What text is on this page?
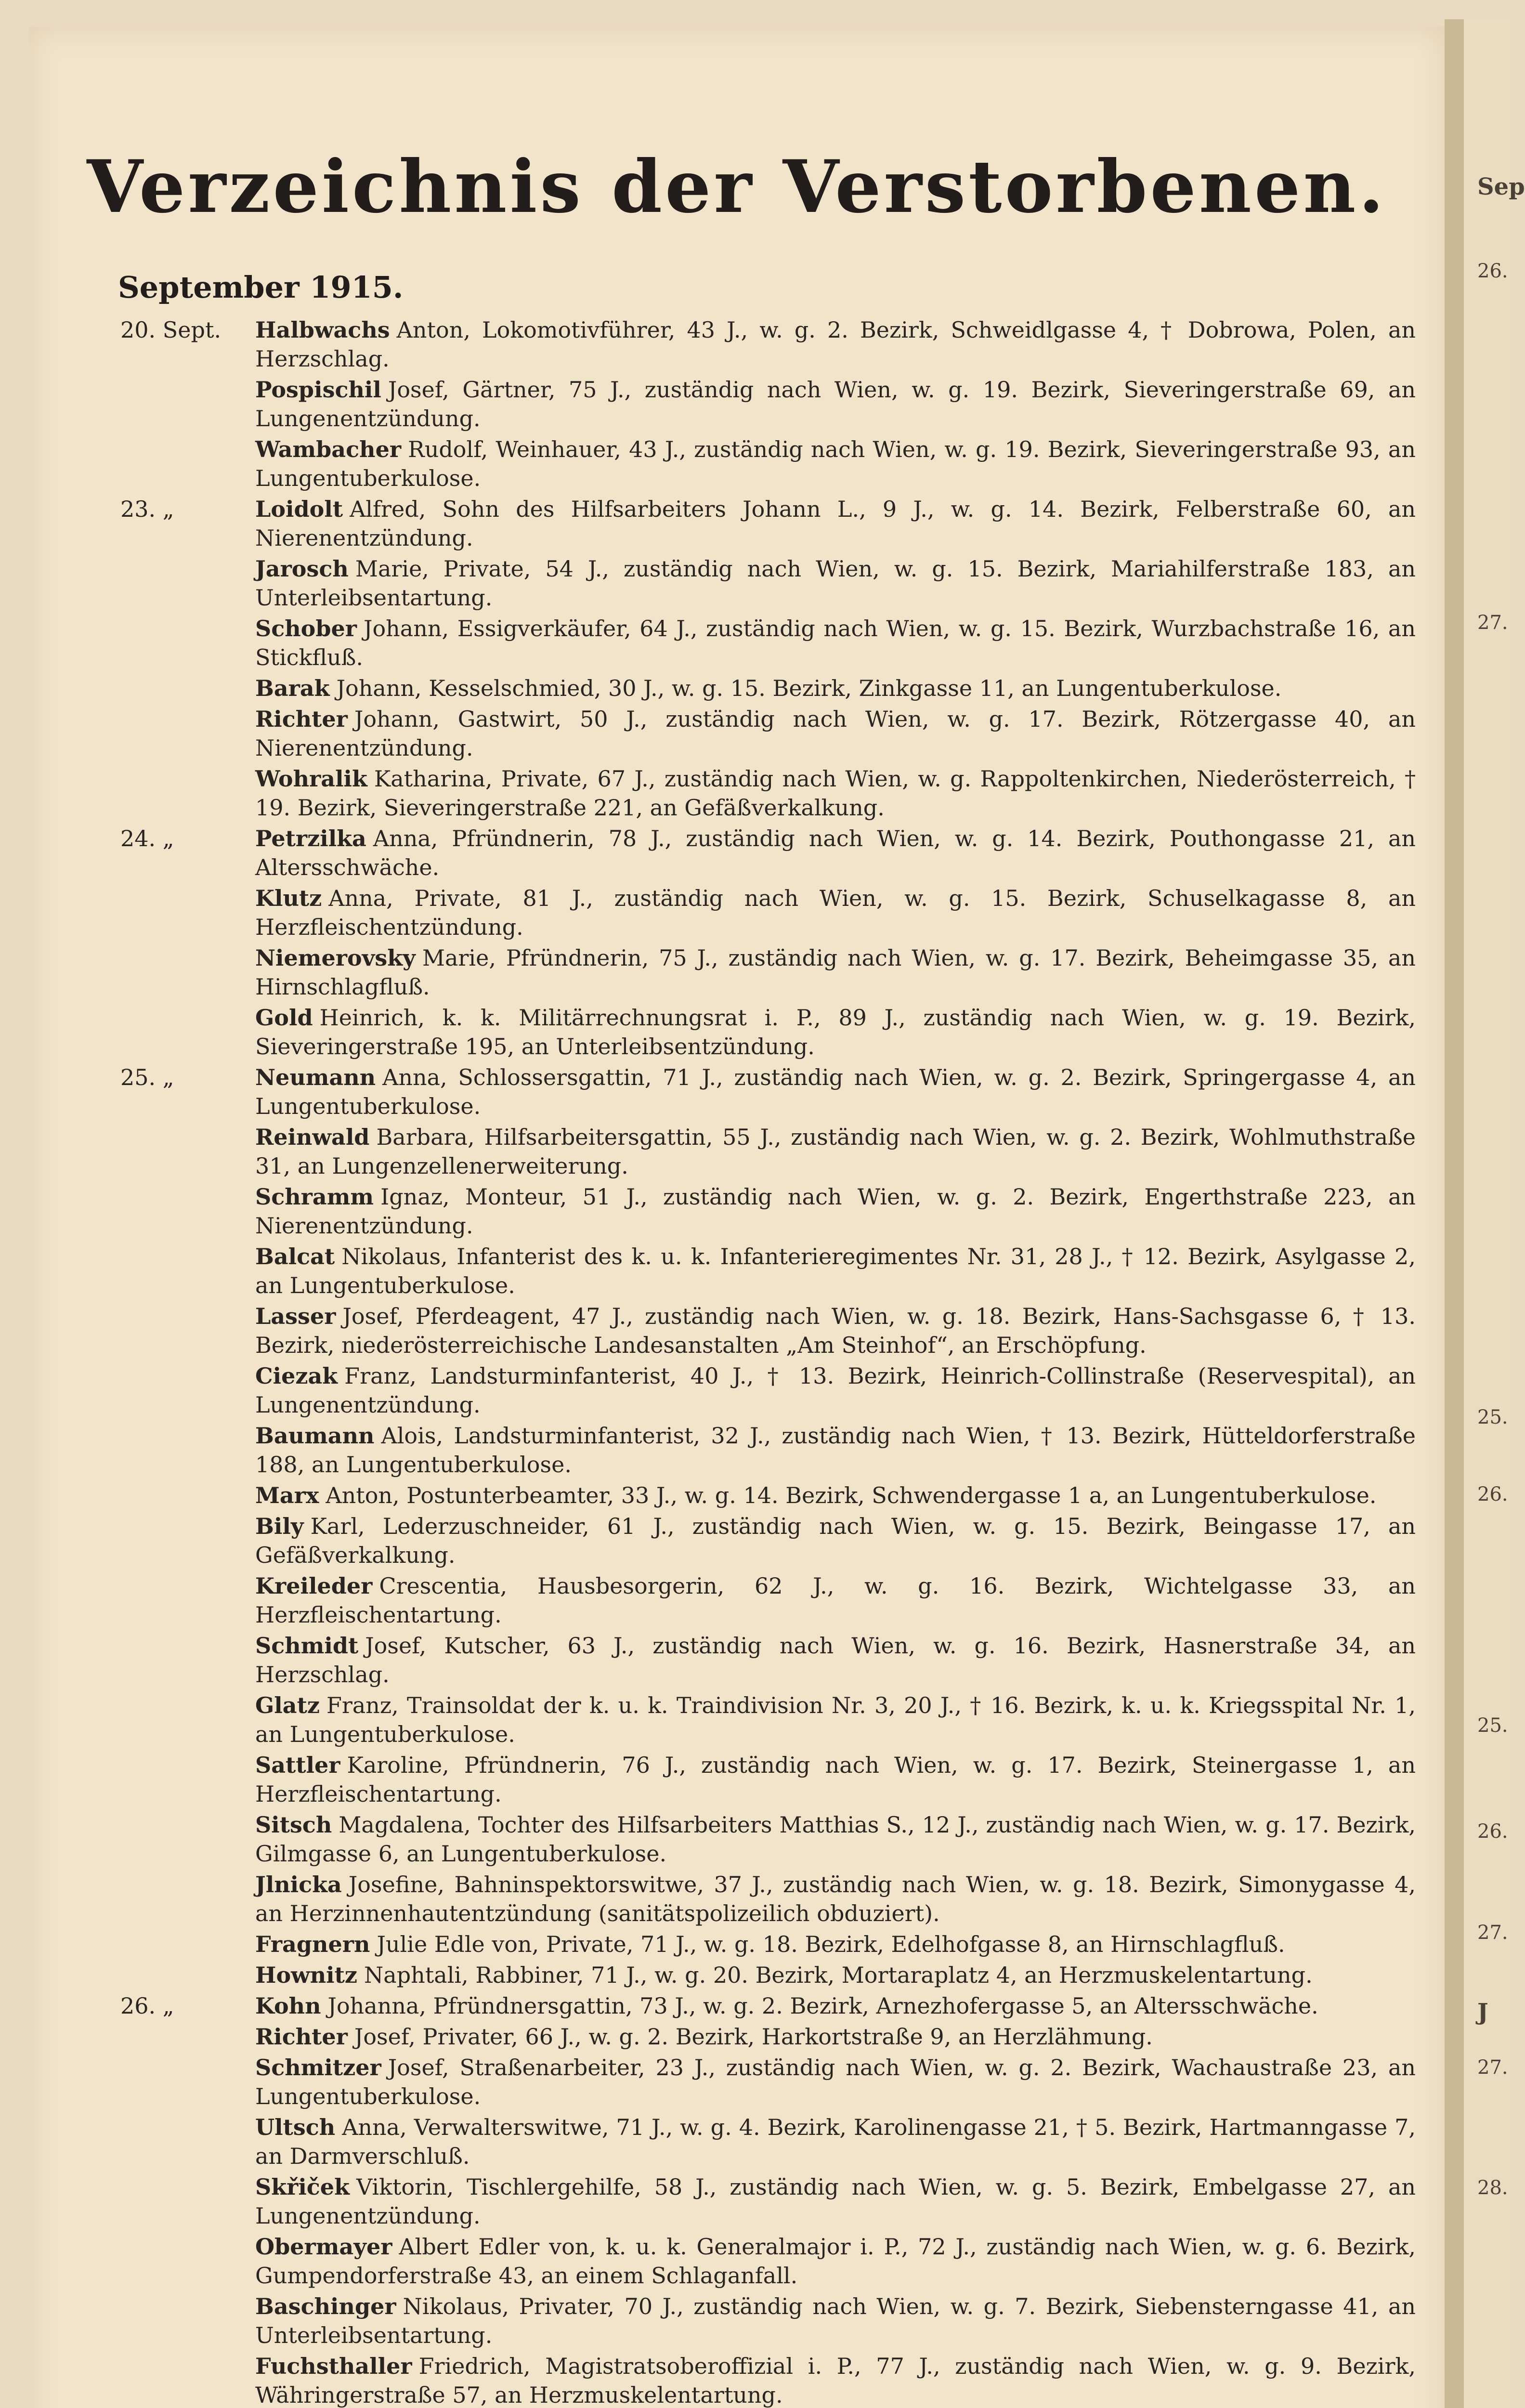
Sep
26.
27.
25.
26.
25.
26.
27.
J
27.
28.
Verzeichnis der Verstorbenen.
September 1915.
20. Sept.	Halbwachs Anton, Lokomotivführer, 43 J., w. g. 2. Bezirk, Schweidlgasse 4, † Dobrowa, Polen, an Herzschlag.
Pospischil Josef, Gärtner, 75 J., zuständig nach Wien, w. g. 19. Bezirk, Sieveringerstraße 69, an Lungenentzündung.
Wambacher Rudolf, Weinhauer, 43 J., zuständig nach Wien, w. g. 19. Bezirk, Sieveringerstraße 93, an Lungentuberkulose.
23. „	Loidolt Alfred, Sohn des Hilfsarbeiters Johann L., 9 J., w. g. 14. Bezirk, Felberstraße 60, an Nierenentzündung.
Jarosch Marie, Private, 54 J., zuständig nach Wien, w. g. 15. Bezirk, Mariahilferstraße 183, an Unterleibsentartung.
Schober Johann, Essigverkäufer, 64 J., zuständig nach Wien, w. g. 15. Bezirk, Wurzbachstraße 16, an Stickfluß.
Barak Johann, Kesselschmied, 30 J., w. g. 15. Bezirk, Zinkgasse 11, an Lungentuberkulose.
Richter Johann, Gastwirt, 50 J., zuständig nach Wien, w. g. 17. Bezirk, Rötzergasse 40, an Nierenentzündung.
Wohralik Katharina, Private, 67 J., zuständig nach Wien, w. g. Rappoltenkirchen, Niederösterreich, † 19. Bezirk, Sieveringerstraße 221, an Gefäßverkalkung.
24. „	Petrzilka Anna, Pfründnerin, 78 J., zuständig nach Wien, w. g. 14. Bezirk, Pouthongasse 21, an Altersschwäche.
Klutz Anna, Private, 81 J., zuständig nach Wien, w. g. 15. Bezirk, Schuselkagasse 8, an Herzfleischentzündung.
Niemerovsky Marie, Pfründnerin, 75 J., zuständig nach Wien, w. g. 17. Bezirk, Beheimgasse 35, an Hirnschlagfluß.
Gold Heinrich, k. k. Militärrechnungsrat i. P., 89 J., zuständig nach Wien, w. g. 19. Bezirk, Sieveringerstraße 195, an Unterleibsentzündung.
25. „	Neumann Anna, Schlossersgattin, 71 J., zuständig nach Wien, w. g. 2. Bezirk, Springergasse 4, an Lungentuberkulose.
Reinwald Barbara, Hilfsarbeitersgattin, 55 J., zuständig nach Wien, w. g. 2. Bezirk, Wohlmuthstraße 31, an Lungenzellenerweiterung.
Schramm Ignaz, Monteur, 51 J., zuständig nach Wien, w. g. 2. Bezirk, Engerthstraße 223, an Nierenentzündung.
Balcat Nikolaus, Infanterist des k. u. k. Infanterieregimentes Nr. 31, 28 J., † 12. Bezirk, Asylgasse 2, an Lungentuberkulose.
Lasser Josef, Pferdeagent, 47 J., zuständig nach Wien, w. g. 18. Bezirk, Hans-Sachsgasse 6, † 13. Bezirk, niederösterreichische Landesanstalten „Am Steinhof“, an Erschöpfung.
Ciezak Franz, Landsturminfanterist, 40 J., † 13. Bezirk, Heinrich-Collinstraße (Reservespital), an Lungenentzündung.
Baumann Alois, Landsturminfanterist, 32 J., zuständig nach Wien, † 13. Bezirk, Hütteldorferstraße 188, an Lungentuberkulose.
Marx Anton, Postunterbeamter, 33 J., w. g. 14. Bezirk, Schwendergasse 1 a, an Lungentuberkulose.
Bily Karl, Lederzuschneider, 61 J., zuständig nach Wien, w. g. 15. Bezirk, Beingasse 17, an Gefäßverkalkung.
Kreileder Crescentia, Hausbesorgerin, 62 J., w. g. 16. Bezirk, Wichtelgasse 33, an Herzfleischentartung.
Schmidt Josef, Kutscher, 63 J., zuständig nach Wien, w. g. 16. Bezirk, Hasnerstraße 34, an Herzschlag.
Glatz Franz, Trainsoldat der k. u. k. Traindivision Nr. 3, 20 J., † 16. Bezirk, k. u. k. Kriegsspital Nr. 1, an Lungentuberkulose.
Sattler Karoline, Pfründnerin, 76 J., zuständig nach Wien, w. g. 17. Bezirk, Steinergasse 1, an Herzfleischentartung.
Sitsch Magdalena, Tochter des Hilfsarbeiters Matthias S., 12 J., zuständig nach Wien, w. g. 17. Bezirk, Gilmgasse 6, an Lungentuberkulose.
Jlnicka Josefine, Bahninspektorswitwe, 37 J., zuständig nach Wien, w. g. 18. Bezirk, Simonygasse 4, an Herzinnenhautentzündung (sanitätspolizeilich obduziert).
Fragnern Julie Edle von, Private, 71 J., w. g. 18. Bezirk, Edelhofgasse 8, an Hirnschlagfluß.
Hownitz Naphtali, Rabbiner, 71 J., w. g. 20. Bezirk, Mortaraplatz 4, an Herzmuskelentartung.
26. „	Kohn Johanna, Pfründnersgattin, 73 J., w. g. 2. Bezirk, Arnezhofergasse 5, an Altersschwäche.
Richter Josef, Privater, 66 J., w. g. 2. Bezirk, Harkortstraße 9, an Herzlähmung.
Schmitzer Josef, Straßenarbeiter, 23 J., zuständig nach Wien, w. g. 2. Bezirk, Wachaustraße 23, an Lungentuberkulose.
Ultsch Anna, Verwalterswitwe, 71 J., w. g. 4. Bezirk, Karolinengasse 21, † 5. Bezirk, Hartmanngasse 7, an Darmverschluß.
Skřiček Viktorin, Tischlergehilfe, 58 J., zuständig nach Wien, w. g. 5. Bezirk, Embelgasse 27, an Lungenentzündung.
Obermayer Albert Edler von, k. u. k. Generalmajor i. P., 72 J., zuständig nach Wien, w. g. 6. Bezirk, Gumpendorferstraße 43, an einem Schlaganfall.
Baschinger Nikolaus, Privater, 70 J., zuständig nach Wien, w. g. 7. Bezirk, Siebensterngasse 41, an Unterleibsentartung.
Fuchsthaller Friedrich, Magistratsoberoffizial i. P., 77 J., zuständig nach Wien, w. g. 9. Bezirk, Währingerstraße 57, an Herzmuskelentartung.
